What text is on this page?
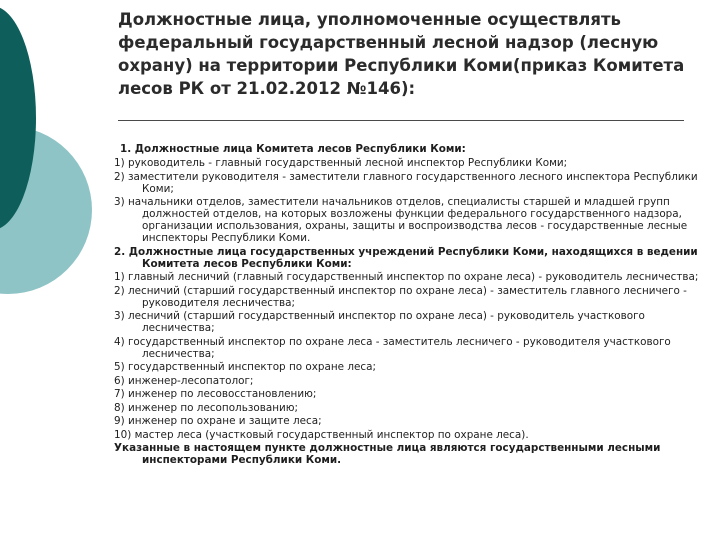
Должностные лица, уполномоченные осуществлять федеральный государственный лесной надзор (лесную охрану) на территории Республики Коми(приказ Комитета лесов РК от 21.02.2012 №146):

1. Должностные лица Комитета лесов Республики Коми:

1) руководитель - главный государственный лесной инспектор Республики Коми;

2) заместители руководителя - заместители главного государственного лесного инспектора Республики Коми;

3) начальники отделов, заместители начальников отделов, специалисты старшей и младшей групп должностей отделов, на которых возложены функции федерального государственного надзора, организации использования, охраны, защиты и воспроизводства лесов - государственные лесные инспекторы Республики Коми.

2. Должностные лица государственных учреждений Республики Коми, находящихся в ведении Комитета лесов Республики Коми:

1) главный лесничий (главный государственный инспектор по охране леса) - руководитель лесничества;

2) лесничий (старший государственный инспектор по охране леса) - заместитель главного лесничего - руководителя лесничества;

3) лесничий (старший государственный инспектор по охране леса) - руководитель участкового лесничества;

4) государственный инспектор по охране леса - заместитель лесничего - руководителя участкового лесничества;

5) государственный инспектор по охране леса;

6) инженер-лесопатолог;

7) инженер по лесовосстановлению;

8) инженер по лесопользованию;

9) инженер по охране и защите леса;

10) мастер леса (участковый государственный инспектор по охране леса).

Указанные в настоящем пункте должностные лица являются государственными лесными инспекторами Республики Коми.
